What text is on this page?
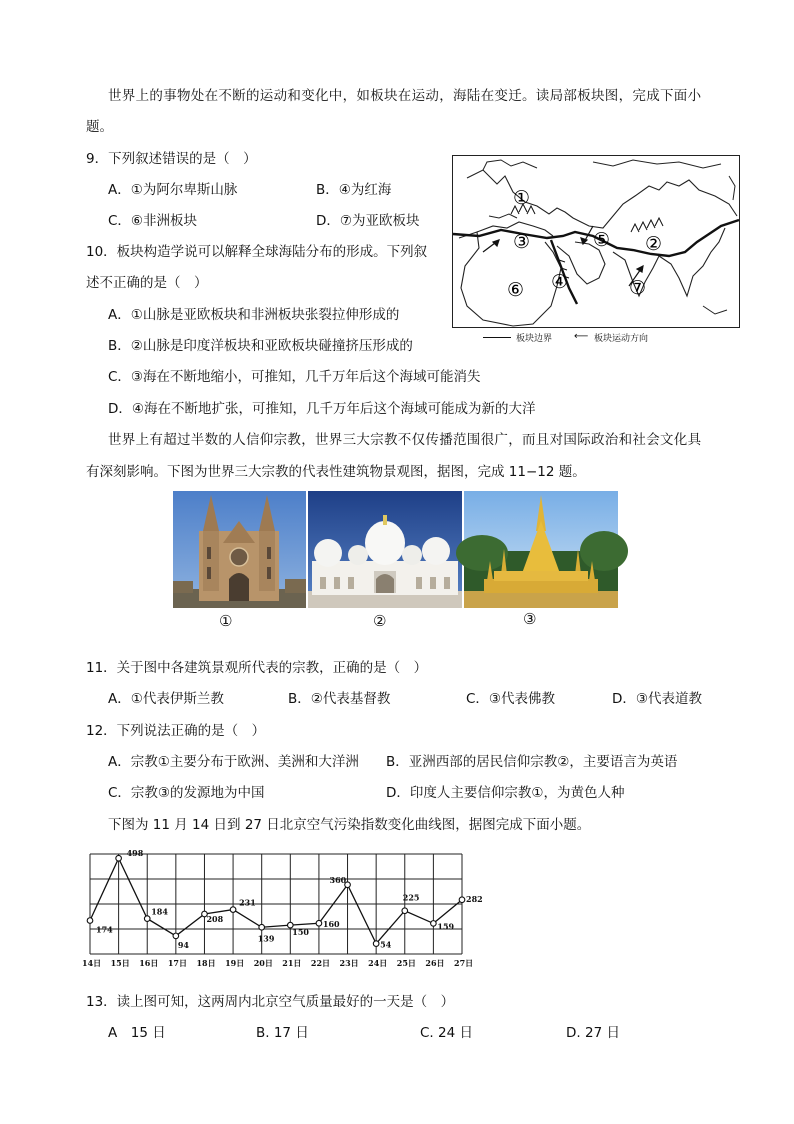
世界上的事物处在不断的运动和变化中，如板块在运动，海陆在变迁。读局部板块图，完成下面小
题。
9．下列叙述错误的是（　）
A．①为阿尔卑斯山脉	B．④为红海
C．⑥非洲板块	D．⑦为亚欧板块
10．板块构造学说可以解释全球海陆分布的形成。下列叙
述不正确的是（　）
A．①山脉是亚欧板块和非洲板块张裂拉伸形成的
B．②山脉是印度洋板块和亚欧板块碰撞挤压形成的
C．③海在不断地缩小，可推知，几千万年后这个海域可能消失
D．④海在不断地扩张，可推知，几千万年后这个海域可能成为新的大洋
①
②
③
④
⑤
⑥	⑦
板块边界 ⟵ 板块运动方向
世界上有超过半数的人信仰宗教，世界三大宗教不仅传播范围很广，而且对国际政治和社会文化具
有深刻影响。下图为世界三大宗教的代表性建筑物景观图，据图，完成 11−12 题。
①	②	③
11．关于图中各建筑景观所代表的宗教，正确的是（　）
A．①代表伊斯兰教	B．②代表基督教	C．③代表佛教	D．③代表道教
12．下列说法正确的是（　）
A．宗教①主要分布于欧洲、美洲和大洋洲 B．亚洲西部的居民信仰宗教②，主要语言为英语
C．宗教③的发源地为中国	D．印度人主要信仰宗教①，为黄色人种
下图为 11 月 14 日到 27 日北京空气污染指数变化曲线图，据图完成下面小题。
174
498
184
94
208
231
139
150
160
360
54
225
159
282
14日 15日 16日 17日 18日 19日 20日 21日 22日 23日 24日 25日 26日 27日
13．读上图可知，这两周内北京空气质量最好的一天是（　）
A　15 日	B. 17 日	C. 24 日	D. 27 日
